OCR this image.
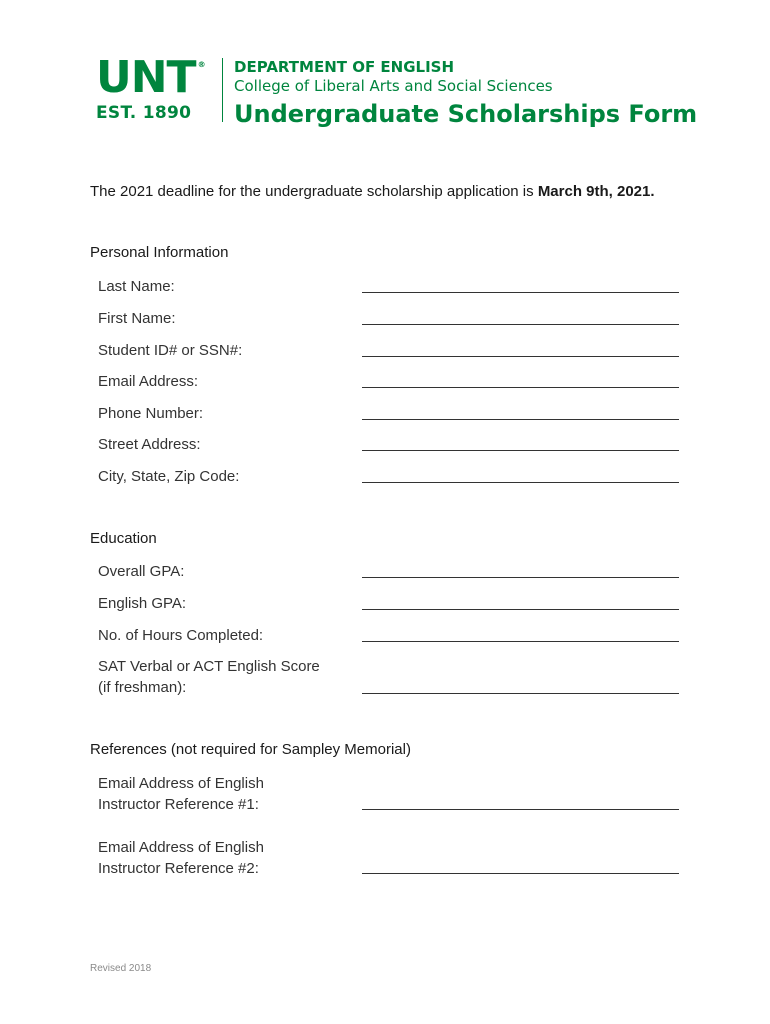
UNT ®
EST. 1890
DEPARTMENT OF ENGLISH
College of Liberal Arts and Social Sciences
Undergraduate Scholarships Form
The 2021 deadline for the undergraduate scholarship application is March 9th, 2021.
Personal Information
Last Name:
First Name:
Student ID# or SSN#:
Email Address:
Phone Number:
Street Address:
City, State, Zip Code:
Education
Overall GPA:
English GPA:
No. of Hours Completed:
SAT Verbal or ACT English Score
(if freshman):
References (not required for Sampley Memorial)
Email Address of English
Instructor Reference #1:
Email Address of English
Instructor Reference #2:
Revised 2018
